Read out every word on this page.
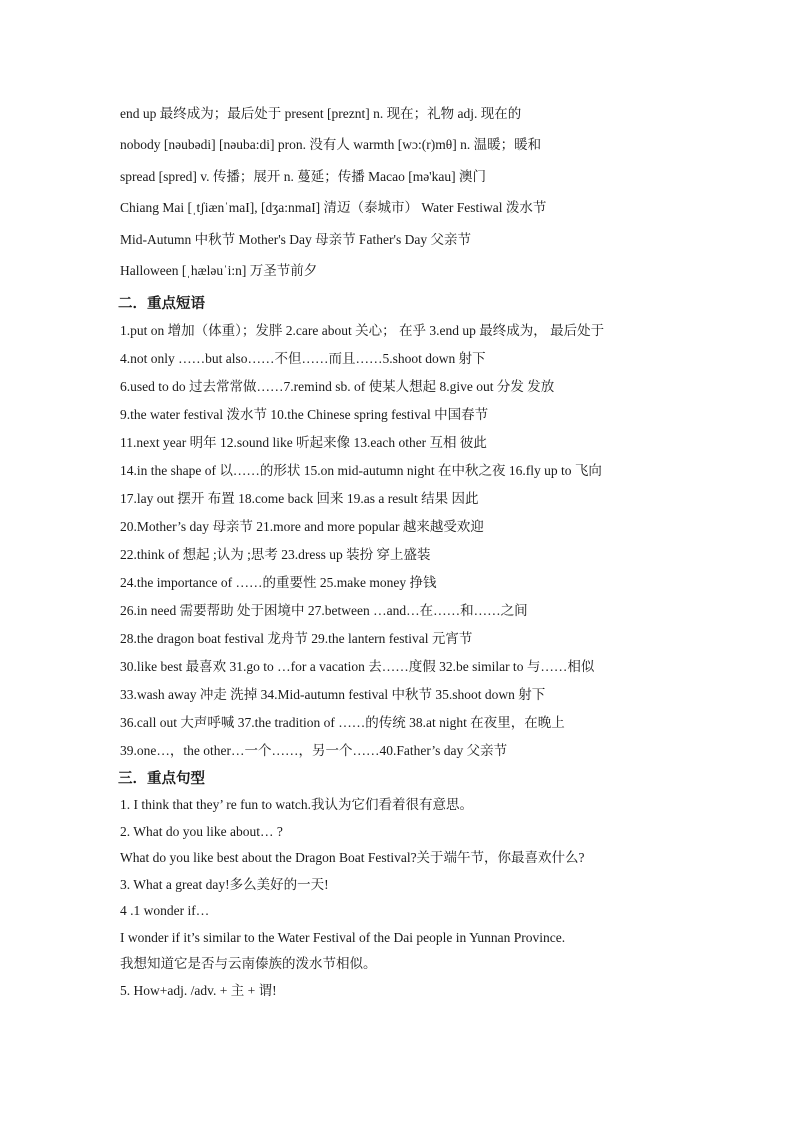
end up 最终成为；最后处于 present [preznt] n. 现在；礼物 adj. 现在的
nobody [nəubədi] [nəuba:di] pron. 没有人 warmth [wɔ:(r)mθ] n. 温暖；暖和
spread [spred] v. 传播；展开 n. 蔓延；传播 Macao [mə'kau] 澳门
Chiang Mai [ˌtʃiænˈmaI], [dʒa:nmaI] 清迈（泰城市） Water Festiwal 泼水节
Mid-Autumn 中秋节 Mother's Day 母亲节 Father's Day 父亲节
Halloween [ˌhæləuˈi:n] 万圣节前夕
二．重点短语
1.put on 增加（体重）；发胖 2.care about 关心； 在乎 3.end up 最终成为， 最后处于
4.not only ……but also……不但……而且……5.shoot down 射下
6.used to do 过去常常做……7.remind sb. of 使某人想起 8.give out 分发 发放
9.the water festival 泼水节 10.the Chinese spring festival 中国春节
11.next year 明年 12.sound like 听起来像 13.each other 互相 彼此
14.in the shape of 以……的形状 15.on mid-autumn night 在中秋之夜 16.fly up to 飞向
17.lay out 摆开 布置 18.come back 回来 19.as a result 结果 因此
20.Mother’s day 母亲节 21.more and more popular 越来越受欢迎
22.think of 想起 ;认为 ;思考 23.dress up 装扮 穿上盛装
24.the importance of ……的重要性 25.make money 挣钱
26.in need 需要帮助 处于困境中 27.between …and…在……和……之间
28.the dragon boat festival 龙舟节 29.the lantern festival 元宵节
30.like best 最喜欢 31.go to …for a vacation 去……度假 32.be similar to 与……相似
33.wash away 冲走 洗掉 34.Mid-autumn festival 中秋节 35.shoot down 射下
36.call out 大声呼喊 37.the tradition of ……的传统 38.at night 在夜里，在晚上
39.one…，the other…一个……，另一个……40.Father’s day 父亲节
三．重点句型
1. I think that they’ re fun to watch.我认为它们看着很有意思。
2. What do you like about… ?
What do you like best about the Dragon Boat Festival?关于端午节，你最喜欢什么?
3. What a great day!多么美好的一天!
4 .1 wonder if…
I wonder if it’s similar to the Water Festival of the Dai people in Yunnan Province.
我想知道它是否与云南傣族的泼水节相似。
5. How+adj. /adv. + 主 + 谓!
